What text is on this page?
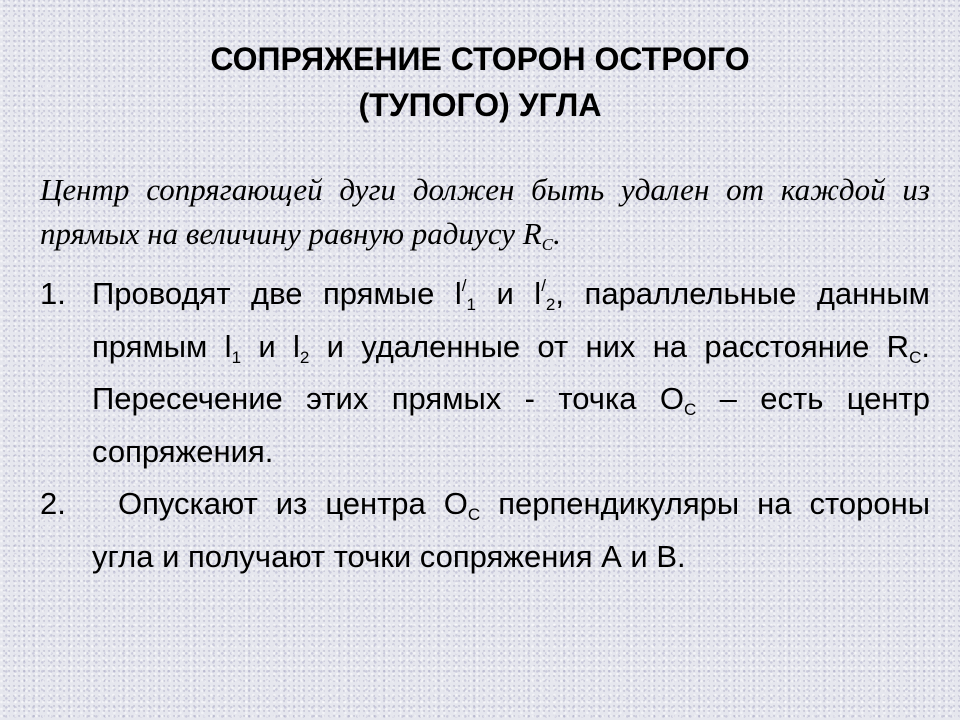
СОПРЯЖЕНИЕ СТОРОН ОСТРОГО
(ТУПОГО) УГЛА
Центр сопрягающей дуги должен быть удален от каждой из прямых на величину равную радиусу $R_С$.
1. Проводят две прямые $l^/_1$ и $l^/_2$, параллельные данным прямым $l_1$ и $l_2$ и удаленные от них на расстояние $R_С$. Пересечение этих прямых - точка $О_С$ – есть центр сопряжения.
2.	Опускают из центра $О_С$ перпендикуляры на стороны угла и получают точки сопряжения А и В.
